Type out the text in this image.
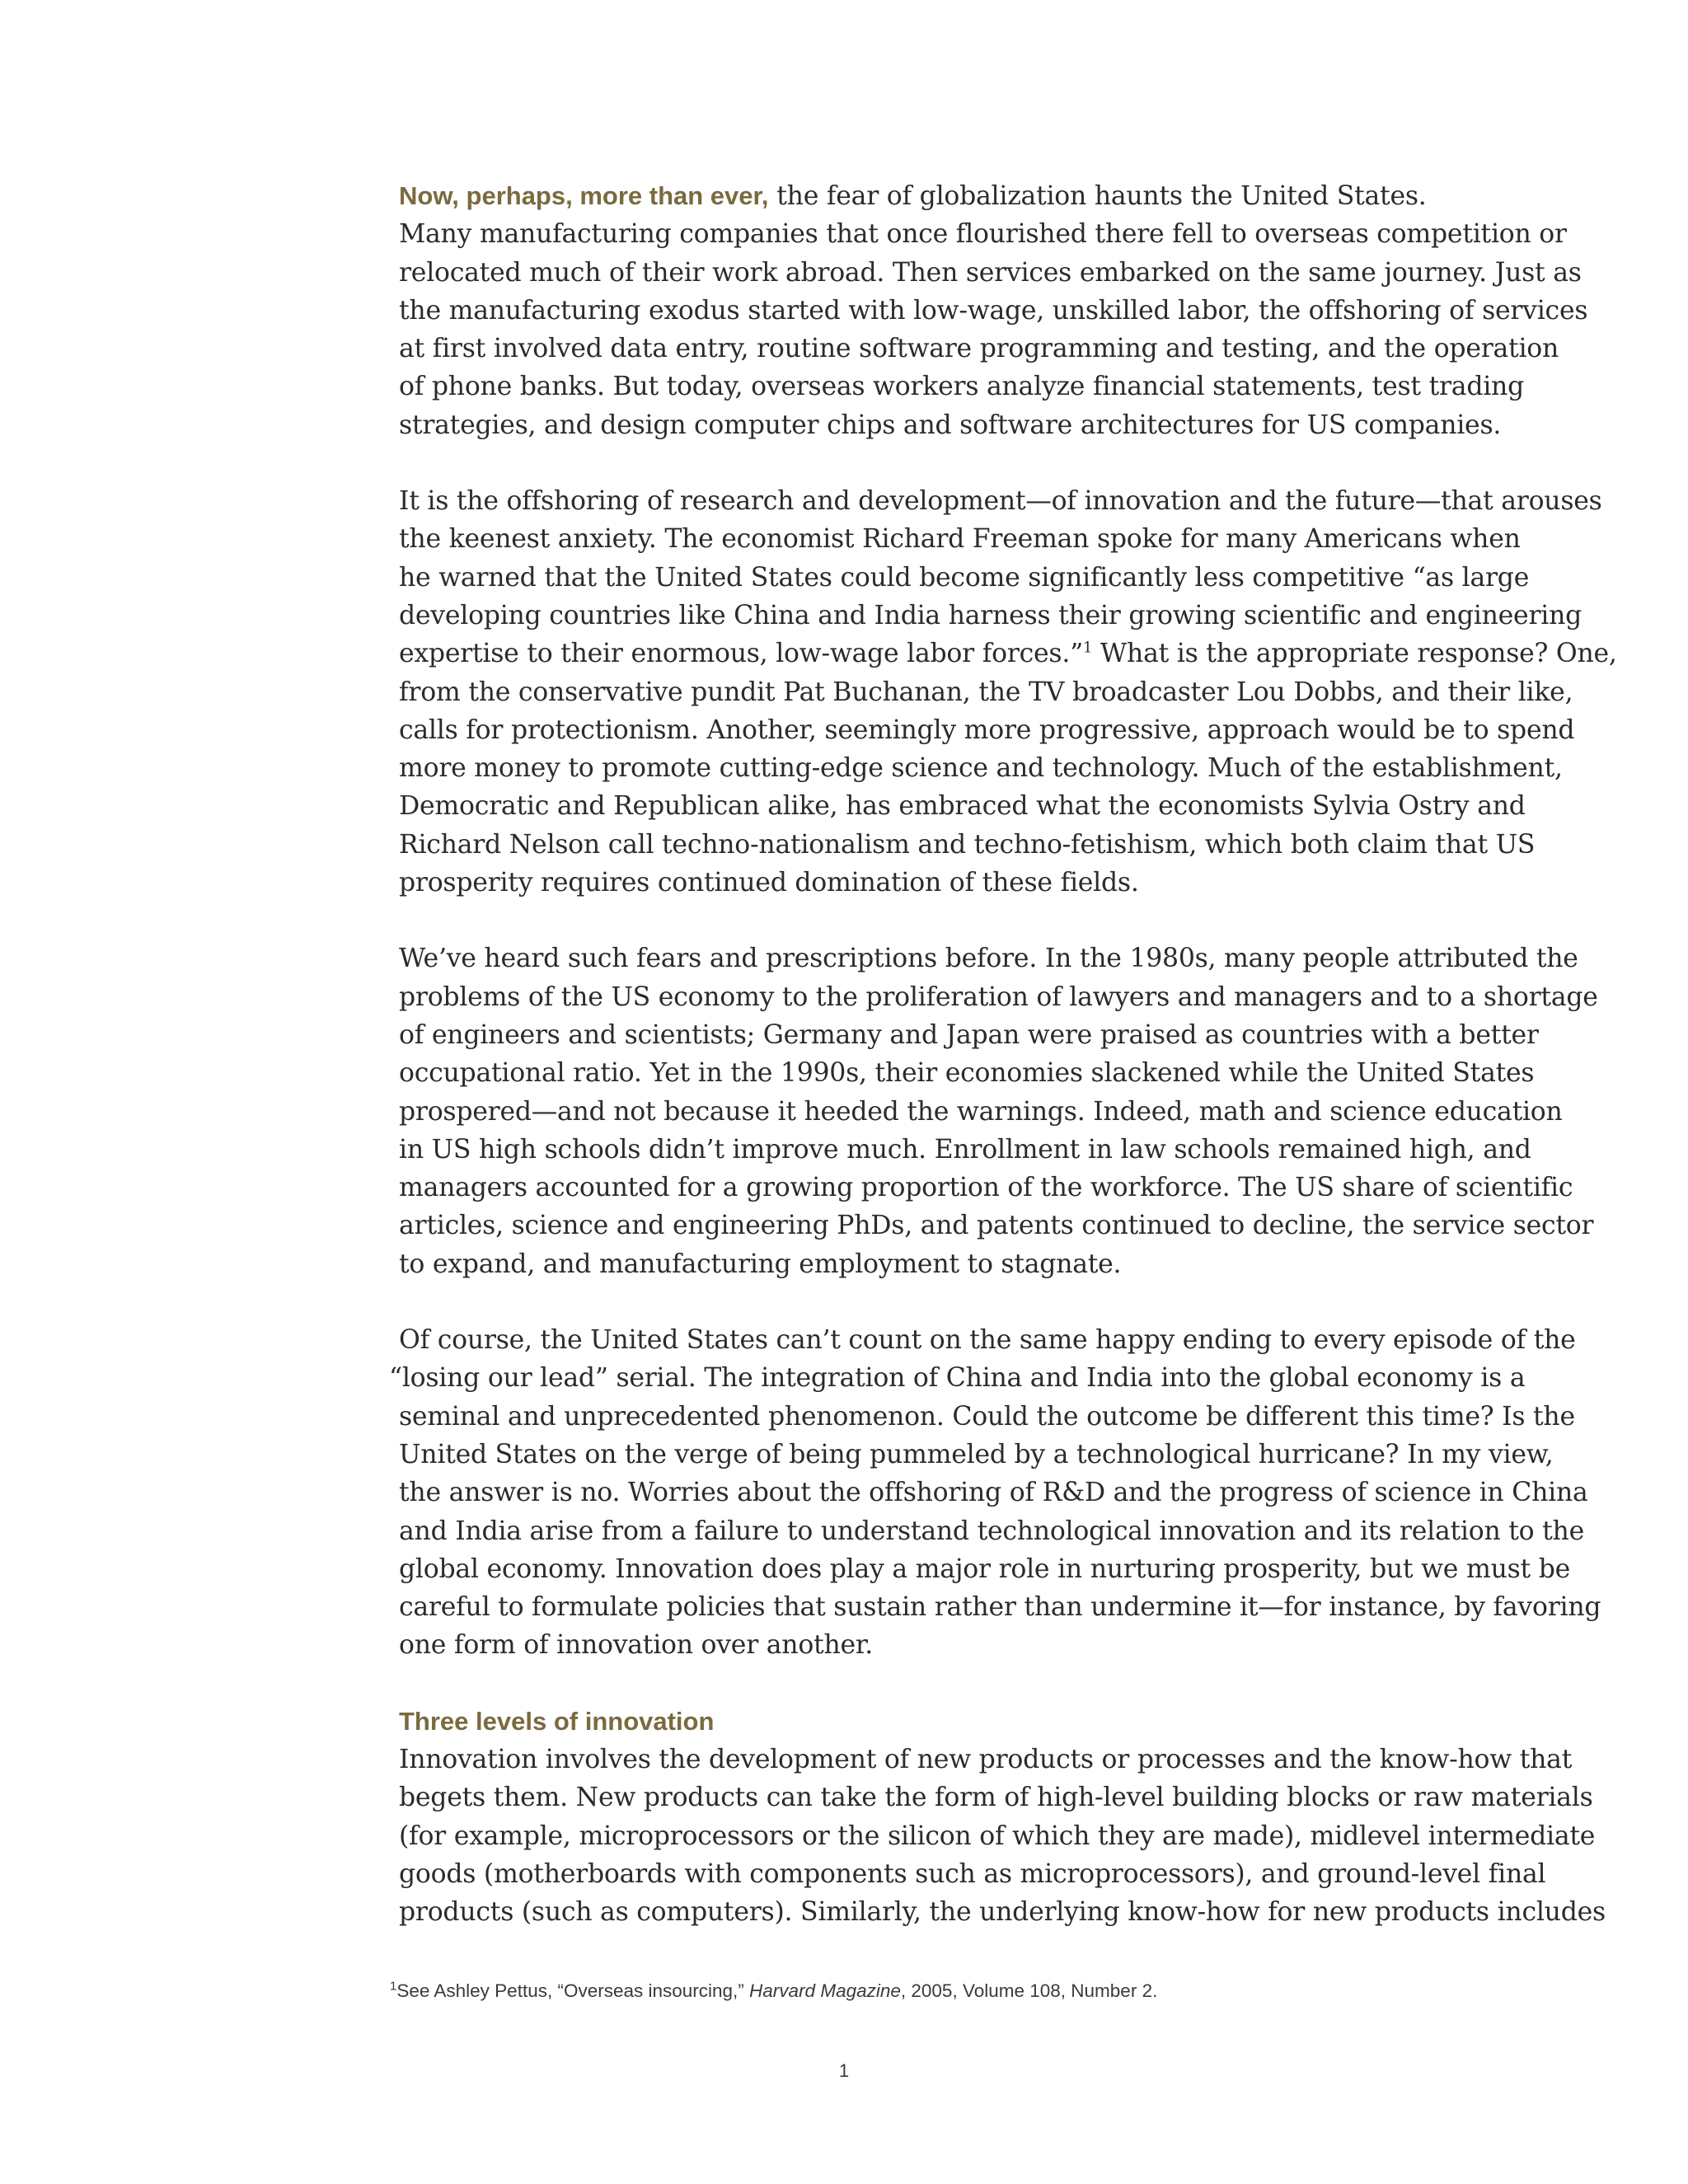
Now, perhaps, more than ever, the fear of globalization haunts the United States.
Many manufacturing companies that once flourished there fell to overseas competition or
relocated much of their work abroad. Then services embarked on the same journey. Just as
the manufacturing exodus started with low-wage, unskilled labor, the offshoring of services
at first involved data entry, routine software programming and testing, and the operation
of phone banks. But today, overseas workers analyze financial statements, test trading
strategies, and design computer chips and software architectures for US companies.

It is the offshoring of research and development—of innovation and the future—that arouses
the keenest anxiety. The economist Richard Freeman spoke for many Americans when
he warned that the United States could become significantly less competitive “as large
developing countries like China and India harness their growing scientific and engineering
expertise to their enormous, low-wage labor forces.”$^1$ What is the appropriate response? One,
from the conservative pundit Pat Buchanan, the TV broadcaster Lou Dobbs, and their like,
calls for protectionism. Another, seemingly more progressive, approach would be to spend
more money to promote cutting-edge science and technology. Much of the establishment,
Democratic and Republican alike, has embraced what the economists Sylvia Ostry and
Richard Nelson call techno-nationalism and techno-fetishism, which both claim that US
prosperity requires continued domination of these fields.

We’ve heard such fears and prescriptions before. In the 1980s, many people attributed the
problems of the US economy to the proliferation of lawyers and managers and to a shortage
of engineers and scientists; Germany and Japan were praised as countries with a better
occupational ratio. Yet in the 1990s, their economies slackened while the United States
prospered—and not because it heeded the warnings. Indeed, math and science education
in US high schools didn’t improve much. Enrollment in law schools remained high, and
managers accounted for a growing proportion of the workforce. The US share of scientific
articles, science and engineering PhDs, and patents continued to decline, the service sector
to expand, and manufacturing employment to stagnate.

Of course, the United States can’t count on the same happy ending to every episode of the
“losing our lead” serial. The integration of China and India into the global economy is a
seminal and unprecedented phenomenon. Could the outcome be different this time? Is the
United States on the verge of being pummeled by a technological hurricane? In my view,
the answer is no. Worries about the offshoring of R&D and the progress of science in China
and India arise from a failure to understand technological innovation and its relation to the
global economy. Innovation does play a major role in nurturing prosperity, but we must be
careful to formulate policies that sustain rather than undermine it—for instance, by favoring
one form of innovation over another.

Three levels of innovation

Innovation involves the development of new products or processes and the know-how that
begets them. New products can take the form of high-level building blocks or raw materials
(for example, microprocessors or the silicon of which they are made), midlevel intermediate
goods (motherboards with components such as microprocessors), and ground-level final
products (such as computers). Similarly, the underlying know-how for new products includes

$^1$See Ashley Pettus, “Overseas insourcing,” Harvard Magazine, 2005, Volume 108, Number 2.
1
